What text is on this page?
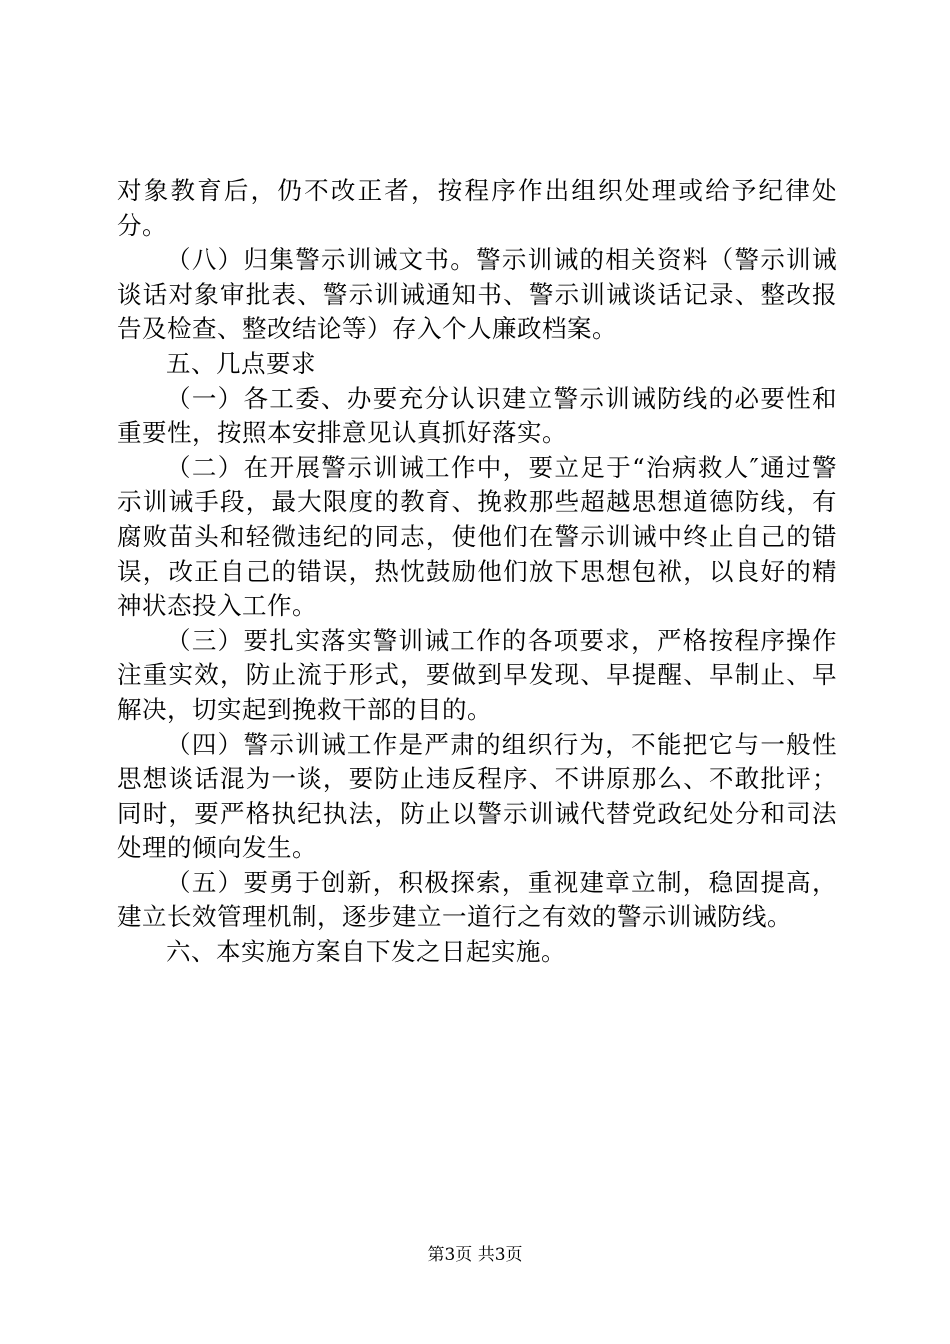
对象教育后，仍不改正者，按程序作出组织处理或给予纪律处分。

（八）归集警示训诫文书。警示训诫的相关资料（警示训诫谈话对象审批表、警示训诫通知书、警示训诫谈话记录、整改报告及检查、整改结论等）存入个人廉政档案。

五、几点要求

（一）各工委、办要充分认识建立警示训诫防线的必要性和重要性，按照本安排意见认真抓好落实。

（二）在开展警示训诫工作中，要立足于“治病救人″通过警示训诫手段，最大限度的教育、挽救那些超越思想道德防线，有腐败苗头和轻微违纪的同志，使他们在警示训诫中终止自己的错误，改正自己的错误，热忱鼓励他们放下思想包袱，以良好的精神状态投入工作。

（三）要扎实落实警训诫工作的各项要求，严格按程序操作注重实效，防止流于形式，要做到早发现、早提醒、早制止、早解决，切实起到挽救干部的目的。

（四）警示训诫工作是严肃的组织行为，不能把它与一般性思想谈话混为一谈，要防止违反程序、不讲原那么、不敢批评；同时，要严格执纪执法，防止以警示训诫代替党政纪处分和司法处理的倾向发生。

（五）要勇于创新，积极探索，重视建章立制，稳固提高，建立长效管理机制，逐步建立一道行之有效的警示训诫防线。

六、本实施方案自下发之日起实施。

第3页 共3页
